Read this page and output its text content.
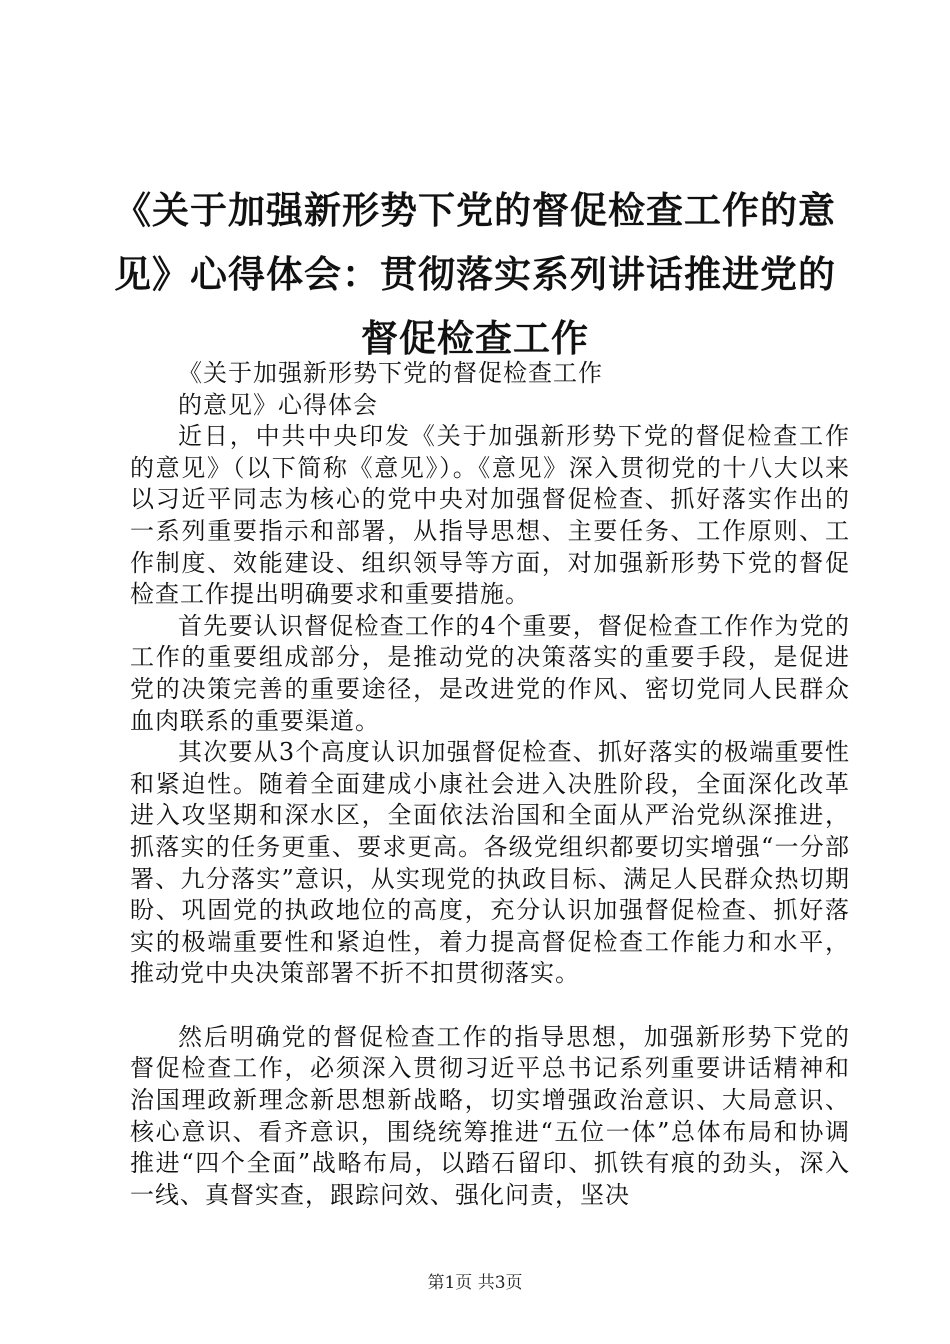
《关于加强新形势下党的督促检查工作的意见》心得体会：贯彻落实系列讲话推进党的督促检查工作

《关于加强新形势下党的督促检查工作
的意见》心得体会

近日，中共中央印发《关于加强新形势下党的督促检查工作的意见》（以下简称《意见》）。《意见》深入贯彻党的十八大以来以习近平同志为核心的党中央对加强督促检查、抓好落实作出的一系列重要指示和部署，从指导思想、主要任务、工作原则、工作制度、效能建设、组织领导等方面，对加强新形势下党的督促检查工作提出明确要求和重要措施。

首先要认识督促检查工作的4个重要，督促检查工作作为党的工作的重要组成部分，是推动党的决策落实的重要手段，是促进党的决策完善的重要途径，是改进党的作风、密切党同人民群众血肉联系的重要渠道。

其次要从3个高度认识加强督促检查、抓好落实的极端重要性和紧迫性。随着全面建成小康社会进入决胜阶段，全面深化改革进入攻坚期和深水区，全面依法治国和全面从严治党纵深推进，抓落实的任务更重、要求更高。各级党组织都要切实增强“一分部署、九分落实”意识，从实现党的执政目标、满足人民群众热切期盼、巩固党的执政地位的高度，充分认识加强督促检查、抓好落实的极端重要性和紧迫性，着力提高督促检查工作能力和水平，推动党中央决策部署不折不扣贯彻落实。

然后明确党的督促检查工作的指导思想，加强新形势下党的督促检查工作，必须深入贯彻习近平总书记系列重要讲话精神和治国理政新理念新思想新战略，切实增强政治意识、大局意识、核心意识、看齐意识，围绕统筹推进“五位一体”总体布局和协调推进“四个全面”战略布局，以踏石留印、抓铁有痕的劲头，深入一线、真督实查，跟踪问效、强化问责，坚决

第1页 共3页
